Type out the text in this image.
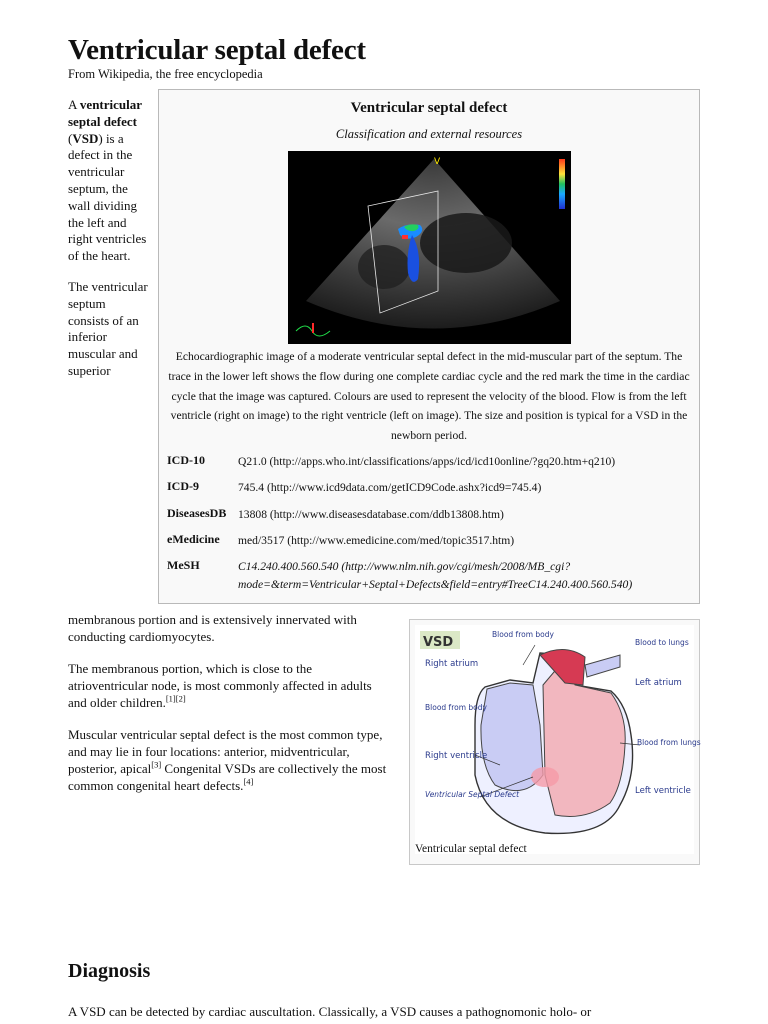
Ventricular septal defect
From Wikipedia, the free encyclopedia

A ventricular septal defect (VSD) is a defect in the ventricular septum, the wall dividing the left and right ventricles of the heart.

The ventricular septum consists of an inferior muscular and superior

Ventricular septal defect
Classification and external resources
V
Echocardiographic image of a moderate ventricular septal defect in the mid-muscular part of the septum. The trace in the lower left shows the flow during one complete cardiac cycle and the red mark the time in the cardiac cycle that the image was captured. Colours are used to represent the velocity of the blood. Flow is from the left ventricle (right on image) to the right ventricle (left on image). The size and position is typical for a VSD in the newborn period.
ICD-10	Q21.0 (http://apps.who.int/classifications/apps/icd/icd10online/?gq20.htm+q210)
ICD-9	745.4 (http://www.icd9data.com/getICD9Code.ashx?icd9=745.4)
DiseasesDB 13808 (http://www.diseasesdatabase.com/ddb13808.htm)
eMedicine med/3517 (http://www.emedicine.com/med/topic3517.htm)
MeSH	C14.240.400.560.540 (http://www.nlm.nih.gov/cgi/mesh/2008/MB_cgi?mode=&term=Ventricular+Septal+Defects&field=entry#TreeC14.240.400.560.540)

membranous portion and is extensively innervated with conducting cardiomyocytes.

The membranous portion, which is close to the atrioventricular node, is most commonly affected in adults and older children.[1][2]

Muscular ventricular septal defect is the most common type, and may lie in four locations: anterior, midventricular, posterior, apical[3] Congenital VSDs are collectively the most common congenital heart defects.[4]

VSD
Blood from body
Blood to lungs
Right atrium
Left atrium
Blood from body
Blood from lungs
Right ventricle
Left ventricle
Ventricular Septal Defect
Ventricular septal defect
Diagnosis
A VSD can be detected by cardiac auscultation. Classically, a VSD causes a pathognomonic holo- or
